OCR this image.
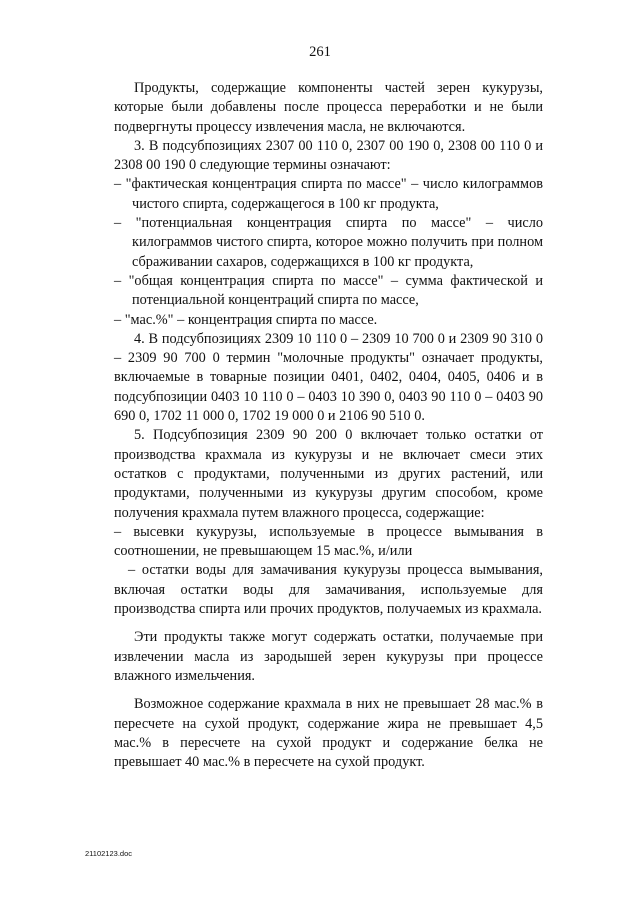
261

Продукты, содержащие компоненты частей зерен кукурузы, которые были добавлены после процесса переработки и не были подвергнуты процессу извлечения масла, не включаются.

3. В подсубпозициях 2307 00 110 0, 2307 00 190 0, 2308 00 110 0 и 2308 00 190 0 следующие термины означают:

– "фактическая концентрация спирта по массе" – число килограммов чистого спирта, содержащегося в 100 кг продукта,

– "потенциальная концентрация спирта по массе" – число килограммов чистого спирта, которое можно получить при полном сбраживании сахаров, содержащихся в 100 кг продукта,

– "общая концентрация спирта по массе" – сумма фактической и потенциальной концентраций спирта по массе,

– "мас.%" – концентрация спирта по массе.

4. В подсубпозициях 2309 10 110 0 – 2309 10 700 0 и 2309 90 310 0 – 2309 90 700 0 термин "молочные продукты" означает продукты, включаемые в товарные позиции 0401, 0402, 0404, 0405, 0406 и в подсубпозиции 0403 10 110 0 – 0403 10 390 0, 0403 90 110 0 – 0403 90 690 0, 1702 11 000 0, 1702 19 000 0 и 2106 90 510 0.

5. Подсубпозиция 2309 90 200 0 включает только остатки от производства крахмала из кукурузы и не включает смеси этих остатков с продуктами, полученными из других растений, или продуктами, полученными из кукурузы другим способом, кроме получения крахмала путем влажного процесса, содержащие:

– высевки кукурузы, используемые в процессе вымывания в соотношении, не превышающем 15 мас.%, и/или

– остатки воды для замачивания кукурузы процесса вымывания, включая остатки воды для замачивания, используемые для производства спирта или прочих продуктов, получаемых из крахмала.

Эти продукты также могут содержать остатки, получаемые при извлечении масла из зародышей зерен кукурузы при процессе влажного измельчения.

Возможное содержание крахмала в них не превышает 28 мас.% в пересчете на сухой продукт, содержание жира не превышает 4,5 мас.% в пересчете на сухой продукт и содержание белка не превышает 40 мас.% в пересчете на сухой продукт.

21102123.doc
